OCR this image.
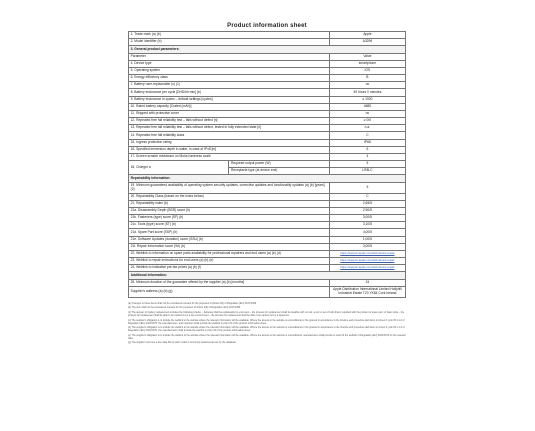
Product information sheet
1. Trade mark (a) (b)		Apple
2. Model identifier (b)		A3296
3. General product parameters:		
Parameter		Value
4. Device type		smartphone
5. Operating system		iOS
6. Energy efficiency class		B
7. Battery user-replaceable (c) (1)		no
8. Battery endurance per cycle [DHD/hh:min] (b)		49 hours 0 minutes
9. Battery endurance in cycles – default settings [cycles]		≥ 1000
10. Rated battery capacity [Crated (mAh)]		4685
11. Shipped with protective cover		no
12. Repeated free fall reliability test – falls without defect [n]		≥ 0/0
13. Repeated free fall reliability test – falls without defect, tested in fully extended state [n]		n.a.
14. Repeated free fall reliability class		C
15. Ingress protection rating		IP68
16. Specified immersion depth in water, in case of IPx8 [m]		6
17. Screen scratch resistance on Mohs hardness scale		4
18. Charger a	Required output power (W)	5
	Receptacle type (at device end)	USB-C
Repairability information:		
19. Minimum guaranteed availability of operating system security updates, corrective updates and functionality updates (a) (b) [years] (2)		5
20. Repairability Class (based on the index below)		C
21. Repairability index (b)		2,65/5
21a. Disassembly Depth (BSR) score (b)		2,90/5
21b. Fasteners (type) score (SF) (b)		3,00/5
21c. Tools (type) score (ST) (b)		3,10/5
21d. Spare Part score (SSP) (b)		4,00/5
21e. Software Updates (duration) score (SSU) (b)		1,00/5
21f. Repair Information score (Sri) (b)		3,00/5
22. Weblink to information on spare parts availability for professional repairers and end users (a) (b) (d)		https://support.apple.com/with-device-repair
23. Weblink to repair instructions for end users (a) (b) (e)		https://support.apple.com/with-device-repair
24. Weblink to indicative pre-tax prices (a) (b) (f)		https://support.apple.com/with-device-repair
Additional information:		
25. Minimum duration of the guarantee offered by the supplier (a) (b) [months]		24
Supplier's address (a) (b) (g)		Apple Distribution International Limited Hollyhill Industrial Estate T23 YK84 Cork Ireland

(a) Changes to these items shall not be considered relevant for the purposes of Article 4(4) of Regulation (EU) 2017/1369.

(b) The item shall not be considered relevant for the purposes of Article 2(6) of Regulation (EU) 2017/1369.

(1) The answer for battery replacement includes the following criteria: – batteries shall be replaceable by end users – the process for replacement shall be feasible with no tool, a tool or set of tools that is supplied with the product or spare part, or basic tools – the process for replacement shall be able to be carried out in a use environment – the process for replacement shall be able to be carried out by a layperson.

(c) The supplier's obligation is to include the weblink to the website where the relevant information will be available. Where the access to the website is unconditional or the granted in accordance to the timeline and procedure laid down in Annex II, point B.1.1.2 of Regulation (EU) 2023/1670, the manufacturers, and importers shall provide the weblink in point 22 of the product information sheet.

(d) The supplier's obligation is to include the weblink to the website where the relevant information will be available. Where the access to the website is unconditional or the granted in accordance to the timeline and procedure laid down in Annex II, point B.1.1.2 of Regulation (EU) 2023/1670, the manufacturers shall provide the weblink in point 23 of the product information sheet.

(e) The supplier's obligation is to include the weblink to the website where the relevant information will be available. Where the access to the website is unconditional, manufacturers shall provide in point 24 the weblink of Regulation (EU) 2023/1670 for the relevant data.

(g) The supplier must use a free data link to each model it commonly assessed as set by the database.
